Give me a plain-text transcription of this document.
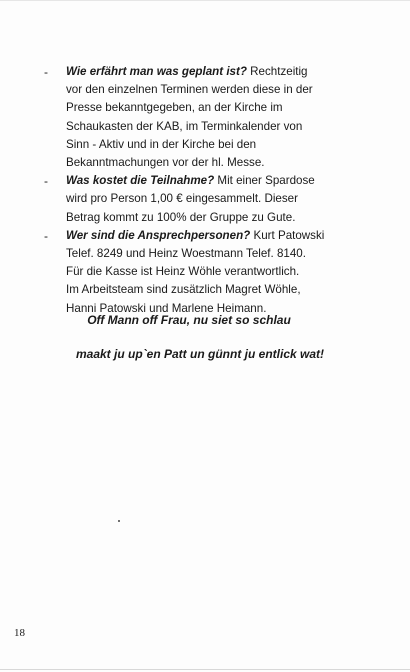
-	Wie erfährt man was geplant ist? Rechtzeitig
vor den einzelnen Terminen werden diese in der
Presse bekanntgegeben, an der Kirche im
Schaukasten der KAB, im Terminkalender von
Sinn - Aktiv und in der Kirche bei den
Bekanntmachungen vor der hl. Messe.
-	Was kostet die Teilnahme? Mit einer Spardose
wird pro Person 1,00 € eingesammelt. Dieser
Betrag kommt zu 100% der Gruppe zu Gute.
-	Wer sind die Ansprechpersonen? Kurt Patowski
Telef. 8249 und Heinz Woestmann Telef. 8140.
Für die Kasse ist Heinz Wöhle verantwortlich.
Im Arbeitsteam sind zusätzlich Magret Wöhle,
Hanni Patowski und Marlene Heimann.
Off Mann off Frau, nu siet so schlau
maakt ju up`en Patt un günnt ju entlick wat!
18
